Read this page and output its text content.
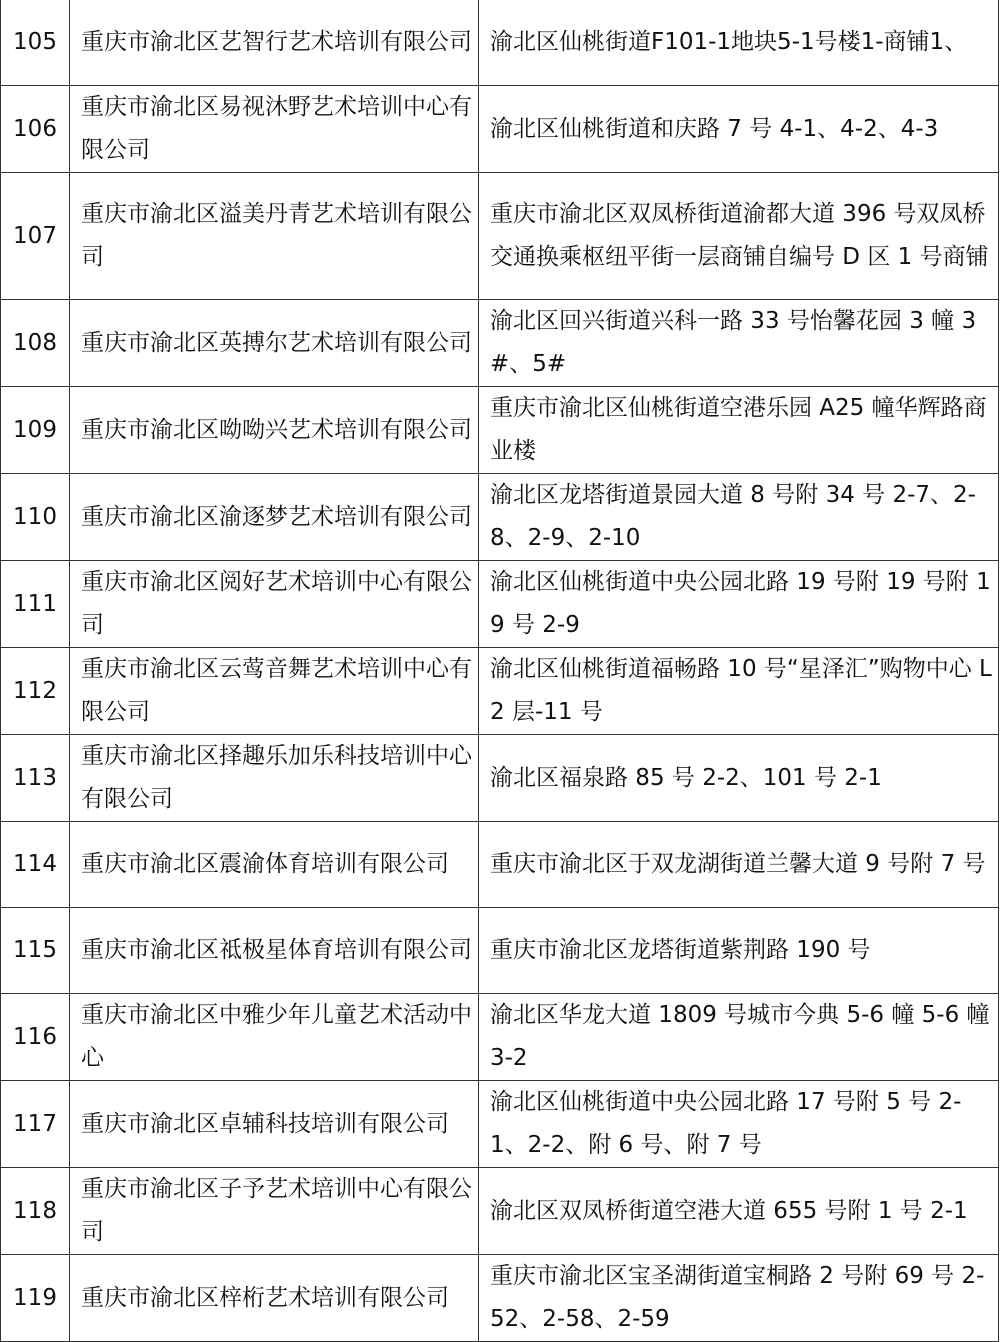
105	重庆市渝北区艺智行艺术培训有限公司	渝北区仙桃街道F101-1地块5-1号楼1-商铺1、

106	重庆市渝北区易视沐野艺术培训中心有限公司	渝北区仙桃街道和庆路 7 号 4-1、4-2、4-3

107	重庆市渝北区溢美丹青艺术培训有限公司	重庆市渝北区双凤桥街道渝都大道 396 号双凤桥交通换乘枢纽平街一层商铺自编号 D 区 1 号商铺

108	重庆市渝北区英搏尔艺术培训有限公司	渝北区回兴街道兴科一路 33 号怡馨花园 3 幢 3#、5#

109	重庆市渝北区呦呦兴艺术培训有限公司	重庆市渝北区仙桃街道空港乐园 A25 幢华辉路商业楼

110	重庆市渝北区渝逐梦艺术培训有限公司	渝北区龙塔街道景园大道 8 号附 34 号 2-7、2-8、2-9、2-10

111	重庆市渝北区阅好艺术培训中心有限公司	渝北区仙桃街道中央公园北路 19 号附 19 号附 19 号 2-9

112	重庆市渝北区云莺音舞艺术培训中心有限公司	渝北区仙桃街道福畅路 10 号“星泽汇”购物中心 L2 层-11 号

113	重庆市渝北区择趣乐加乐科技培训中心有限公司	渝北区福泉路 85 号 2-2、101 号 2-1

114	重庆市渝北区震渝体育培训有限公司	重庆市渝北区于双龙湖街道兰馨大道 9 号附 7 号

115	重庆市渝北区祗极星体育培训有限公司	重庆市渝北区龙塔街道紫荆路 190 号

116	重庆市渝北区中雅少年儿童艺术活动中心	渝北区华龙大道 1809 号城市今典 5-6 幢 5-6 幢 3-2

117	重庆市渝北区卓辅科技培训有限公司	渝北区仙桃街道中央公园北路 17 号附 5 号 2-1、2-2、附 6 号、附 7 号

118	重庆市渝北区子予艺术培训中心有限公司	渝北区双凤桥街道空港大道 655 号附 1 号 2-1

119	重庆市渝北区梓桁艺术培训有限公司	重庆市渝北区宝圣湖街道宝桐路 2 号附 69 号 2-52、2-58、2-59
